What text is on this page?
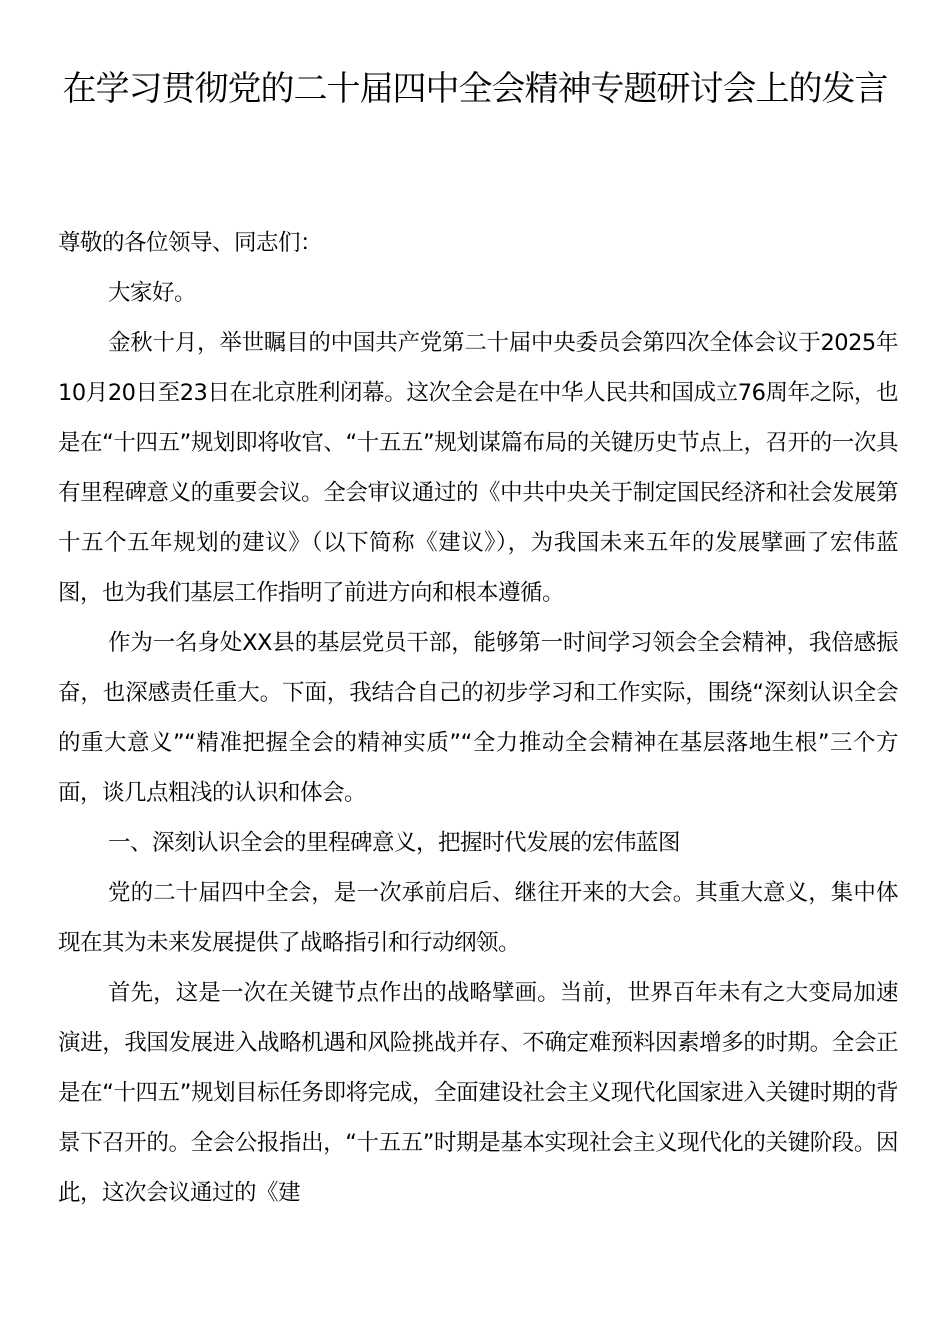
在学习贯彻党的二十届四中全会精神专题研讨会上的发言

尊敬的各位领导、同志们：

大家好。

金秋十月，举世瞩目的中国共产党第二十届中央委员会第四次全体会议于2025年10月20日至23日在北京胜利闭幕。这次全会是在中华人民共和国成立76周年之际，也是在“十四五”规划即将收官、“十五五”规划谋篇布局的关键历史节点上，召开的一次具有里程碑意义的重要会议。全会审议通过的《中共中央关于制定国民经济和社会发展第十五个五年规划的建议》（以下简称《建议》），为我国未来五年的发展擘画了宏伟蓝图，也为我们基层工作指明了前进方向和根本遵循。

作为一名身处XX县的基层党员干部，能够第一时间学习领会全会精神，我倍感振奋，也深感责任重大。下面，我结合自己的初步学习和工作实际，围绕“深刻认识全会的重大意义”“精准把握全会的精神实质”“全力推动全会精神在基层落地生根”三个方面，谈几点粗浅的认识和体会。

一、深刻认识全会的里程碑意义，把握时代发展的宏伟蓝图

党的二十届四中全会，是一次承前启后、继往开来的大会。其重大意义，集中体现在其为未来发展提供了战略指引和行动纲领。

首先，这是一次在关键节点作出的战略擘画。当前，世界百年未有之大变局加速演进，我国发展进入战略机遇和风险挑战并存、不确定难预料因素增多的时期。全会正是在“十四五”规划目标任务即将完成，全面建设社会主义现代化国家进入关键时期的背景下召开的。全会公报指出，“十五五”时期是基本实现社会主义现代化的关键阶段。因此，这次会议通过的《建
